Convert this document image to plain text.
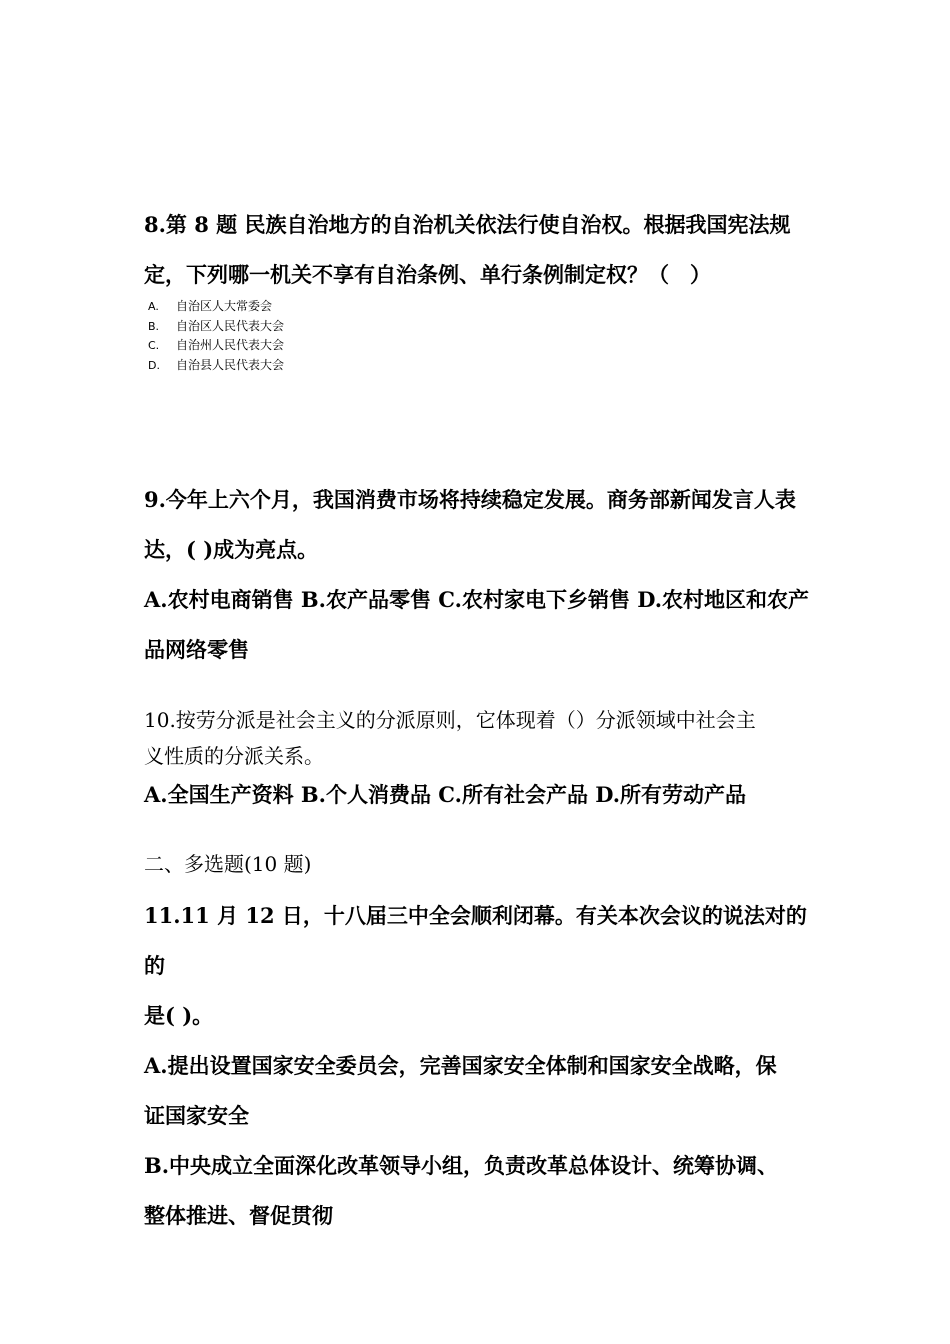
8.第 8 题 民族自治地方的自治机关依法行使自治权。根据我国宪法规
定，下列哪一机关不享有自治条例、单行条例制定权？（　）
A. 自治区人大常委会
B. 自治区人民代表大会
C. 自治州人民代表大会
D. 自治县人民代表大会
9.今年上六个月，我国消费市场将持续稳定发展。商务部新闻发言人表
达，( )成为亮点。
A.农村电商销售 B.农产品零售 C.农村家电下乡销售 D.农村地区和农产
品网络零售
10.按劳分派是社会主义的分派原则，它体现着（）分派领域中社会主
义性质的分派关系。
A.全国生产资料 B.个人消费品 C.所有社会产品 D.所有劳动产品
二、多选题(10 题)
11.11 月 12 日，十八届三中全会顺利闭幕。有关本次会议的说法对的的
是( )。
A.提出设置国家安全委员会，完善国家安全体制和国家安全战略，保
证国家安全
B.中央成立全面深化改革领导小组，负责改革总体设计、统筹协调、
整体推进、督促贯彻
